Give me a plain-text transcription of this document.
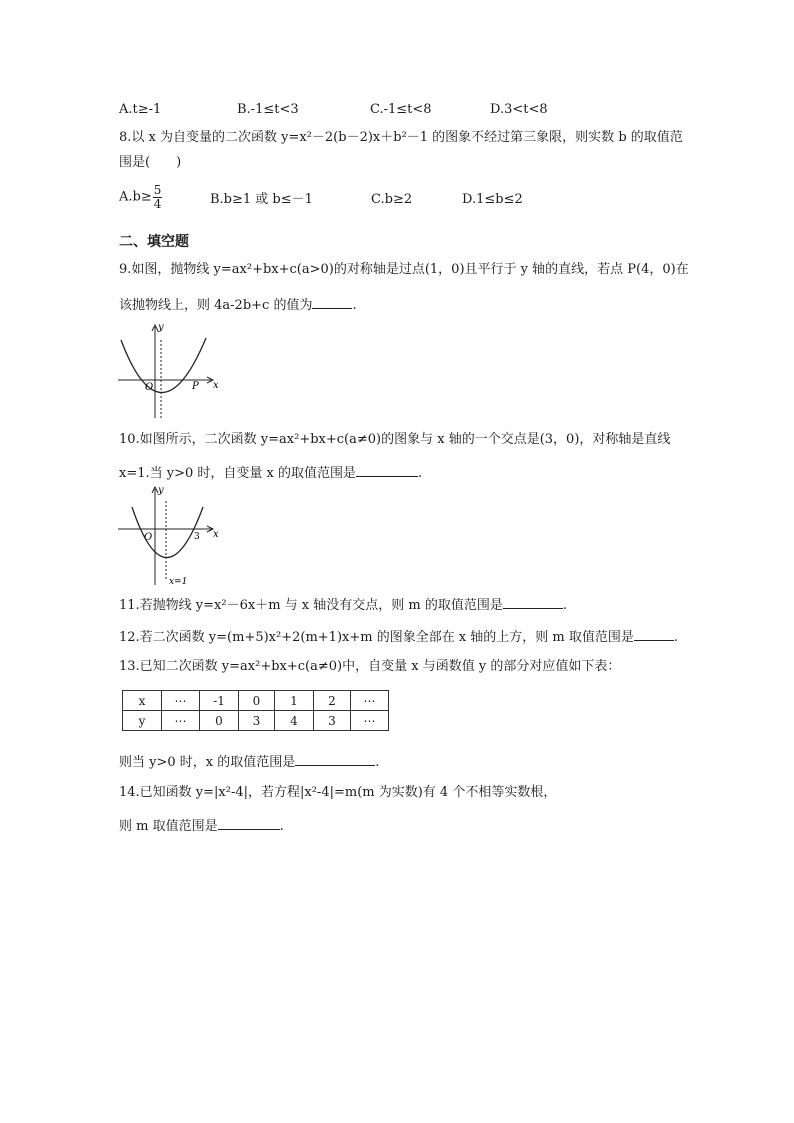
A.t≥-1	B.-1≤t<3	C.-1≤t<8	D.3<t<8
8.以 x 为自变量的二次函数 y=x²－2(b－2)x＋b²－1 的图象不经过第三象限，则实数 b 的取值范
围是(　　)
$A.b\ge \frac{5}{4}$	B.b≥1 或 b≤－1	C.b≥2	D.1≤b≤2
二、填空题
9.如图，抛物线 y=ax²+bx+c(a>0)的对称轴是过点(1，0)且平行于 y 轴的直线，若点 P(4，0)在
该抛物线上，则 4a-2b+c 的值为	.
y
x
O	P
10.如图所示，二次函数 y=ax²+bx+c(a≠0)的图象与 x 轴的一个交点是(3，0)，对称轴是直线
x=1.当 y>0 时，自变量 x 的取值范围是	.
y
x
O	3
x=1
11.若抛物线 y=x²－6x＋m 与 x 轴没有交点，则 m 的取值范围是	.
12.若二次函数 y=(m+5)x²+2(m+1)x+m 的图象全部在 x 轴的上方，则 m 取值范围是	.
13.已知二次函数 y=ax²+bx+c(a≠0)中，自变量 x 与函数值 y 的部分对应值如下表：
x	⋯	-1	0	1	2	⋯
y	⋯	0	3	4	3	⋯
则当 y>0 时，x 的取值范围是	.
14.已知函数 y=|x²-4|，若方程|x²-4|=m(m 为实数)有 4 个不相等实数根，
则 m 取值范围是	.
